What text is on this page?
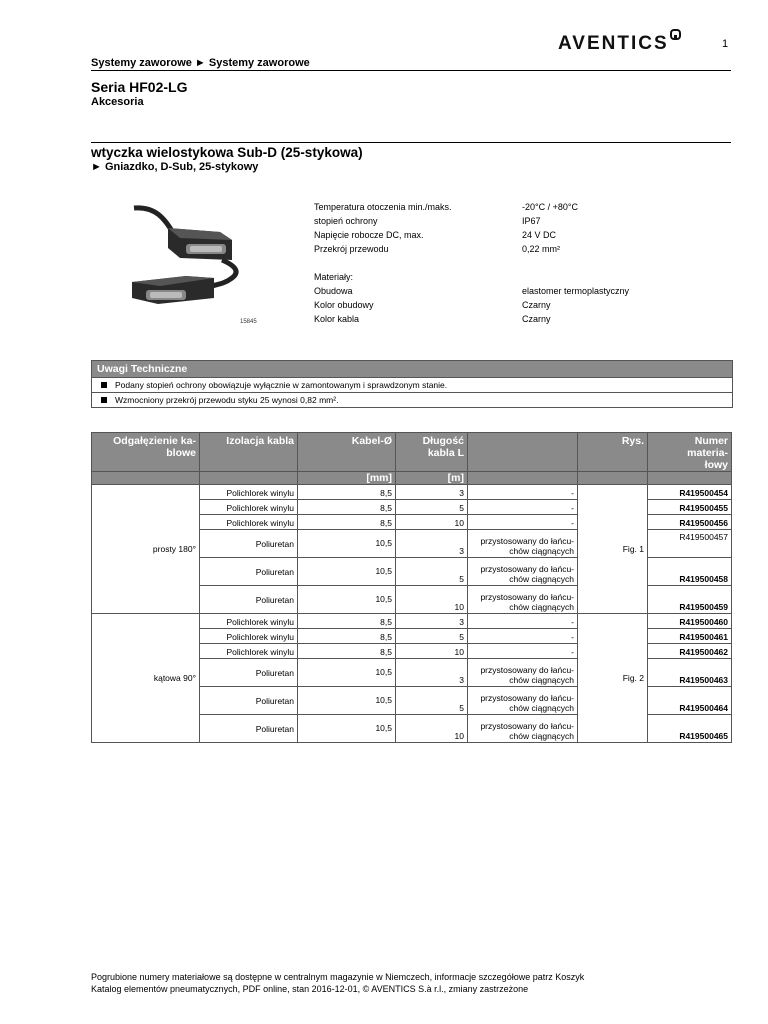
AVENTICS	1
Systemy zaworowe ► Systemy zaworowe
Seria HF02-LG
Akcesoria
wtyczka wielostykowa Sub-D (25-stykowa)
► Gniazdko, D-Sub, 25-stykowy
15845
Temperatura otoczenia min./maks.	-20°C / +80°C
stopień ochrony	IP67
Napięcie robocze DC, max.	24 V DC
Przekrój przewodu	0,22 mm²
Materiały:
Obudowa	elastomer termoplastyczny
Kolor obudowy	Czarny
Kolor kabla	Czarny
Uwagi Techniczne
Podany stopień ochrony obowiązuje wyłącznie w zamontowanym i sprawdzonym stanie.
Wzmocniony przekrój przewodu styku 25 wynosi 0,82 mm².
Odgałęzienie ka-
blowe	Izolacja kabla	Kabel-Ø	Długość
kabla L		Rys.	Numer materia-
łowy
		[mm]	[m]			
prosty 180°	Polichlorek winylu	8,5	3	-	Fig. 1	R419500454
	Polichlorek winylu	8,5	5	-		R419500455
	Polichlorek winylu	8,5	10	-		R419500456
	Poliuretan	10,5	3	przystosowany do łańcu-
chów ciągnących		R419500457
	Poliuretan	10,5	5	przystosowany do łańcu-
chów ciągnących		R419500458
	Poliuretan	10,5	10	przystosowany do łańcu-
chów ciągnących		R419500459
kątowa 90°	Polichlorek winylu	8,5	3	-	Fig. 2	R419500460
	Polichlorek winylu	8,5	5	-		R419500461
	Polichlorek winylu	8,5	10	-		R419500462
	Poliuretan	10,5	3	przystosowany do łańcu-
chów ciągnących		R419500463
	Poliuretan	10,5	5	przystosowany do łańcu-
chów ciągnących		R419500464
	Poliuretan	10,5	10	przystosowany do łańcu-
chów ciągnących		R419500465
Pogrubione numery materiałowe są dostępne w centralnym magazynie w Niemczech, informacje szczegółowe patrz Koszyk
Katalog elementów pneumatycznych, PDF online, stan 2016-12-01, © AVENTICS S.à r.l., zmiany zastrzeżone
